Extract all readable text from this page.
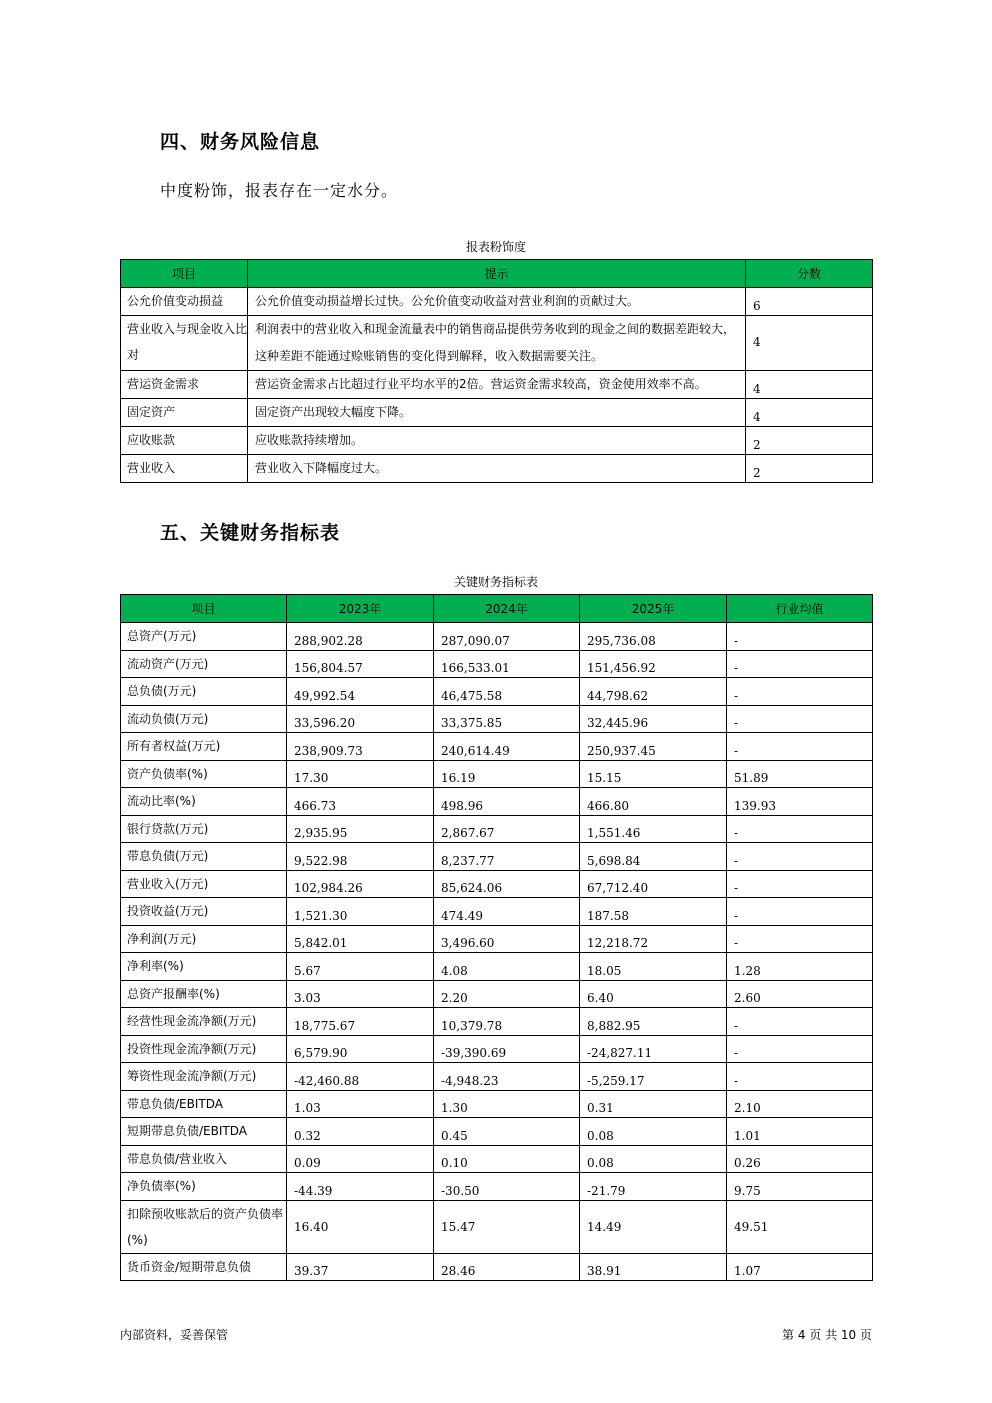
四、财务风险信息
中度粉饰，报表存在一定水分。
报表粉饰度
项目	提示	分数
公允价值变动损益	公允价值变动损益增长过快。公允价值变动收益对营业利润的贡献过大。	6
营业收入与现金收入比对	利润表中的营业收入和现金流量表中的销售商品提供劳务收到的现金之间的数据差距较大，这种差距不能通过赊账销售的变化得到解释，收入数据需要关注。	4
营运资金需求	营运资金需求占比超过行业平均水平的2倍。营运资金需求较高，资金使用效率不高。	4
固定资产	固定资产出现较大幅度下降。	4
应收账款	应收账款持续增加。	2
营业收入	营业收入下降幅度过大。	2
五、关键财务指标表
关键财务指标表
项目	2023年	2024年	2025年	行业均值
总资产(万元)	288,902.28	287,090.07	295,736.08	-
流动资产(万元)	156,804.57	166,533.01	151,456.92	-
总负债(万元)	49,992.54	46,475.58	44,798.62	-
流动负债(万元)	33,596.20	33,375.85	32,445.96	-
所有者权益(万元)	238,909.73	240,614.49	250,937.45	-
资产负债率(%)	17.30	16.19	15.15	51.89
流动比率(%)	466.73	498.96	466.80	139.93
银行贷款(万元)	2,935.95	2,867.67	1,551.46	-
带息负债(万元)	9,522.98	8,237.77	5,698.84	-
营业收入(万元)	102,984.26	85,624.06	67,712.40	-
投资收益(万元)	1,521.30	474.49	187.58	-
净利润(万元)	5,842.01	3,496.60	12,218.72	-
净利率(%)	5.67	4.08	18.05	1.28
总资产报酬率(%)	3.03	2.20	6.40	2.60
经营性现金流净额(万元)	18,775.67	10,379.78	8,882.95	-
投资性现金流净额(万元)	6,579.90	-39,390.69	-24,827.11	-
筹资性现金流净额(万元)	-42,460.88	-4,948.23	-5,259.17	-
带息负债/EBITDA	1.03	1.30	0.31	2.10
短期带息负债/EBITDA	0.32	0.45	0.08	1.01
带息负债/营业收入	0.09	0.10	0.08	0.26
净负债率(%)	-44.39	-30.50	-21.79	9.75
扣除预收账款后的资产负债率(%)	16.40	15.47	14.49	49.51
货币资金/短期带息负债	39.37	28.46	38.91	1.07
内部资料，妥善保管	第 4 页 共 10 页
